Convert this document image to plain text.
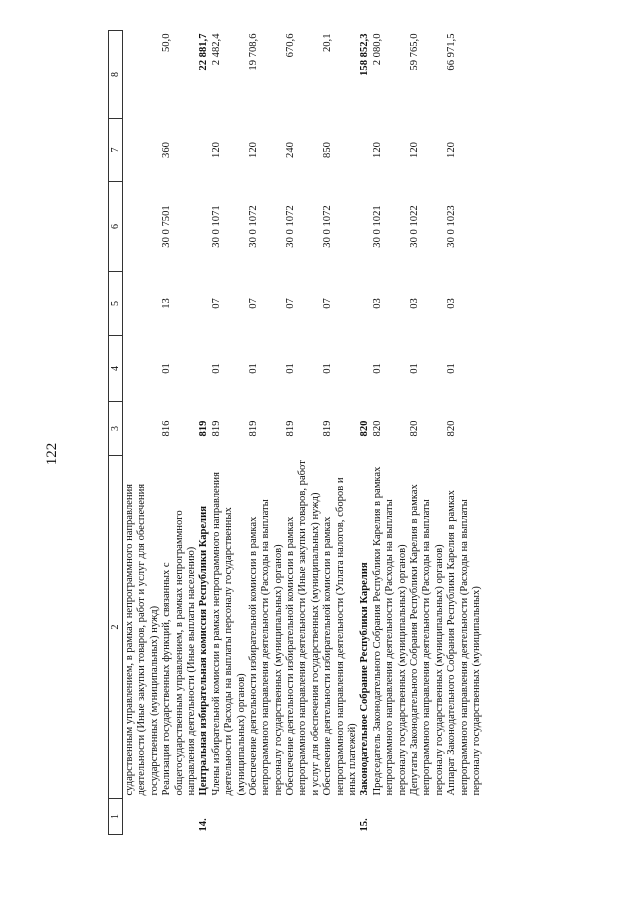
122
1	2	3	4	5	6	7	8
	сударственным управлением, в рамках непрограммного направления деятельности (Иные закупки товаров, работ и услуг для обеспечения государственных (муниципальных) нужд)						
	Реализация государственных функций, связанных с общегосударственным управлением, в рамках непрограммного направления деятельности (Иные выплаты населению)	816	01	13	30 0 7501	360	50,0
14.	Центральная избирательная комиссия Республики Карелия	819					22 881,7
	Члены избирательной комиссии в рамках непрограммного направления деятельности (Расходы на выплаты персоналу государственных (муниципальных) органов)	819	01	07	30 0 1071	120	2 482,4
	Обеспечение деятельности избирательной комиссии в рамках непрограммного направления деятельности (Расходы на выплаты персоналу государственных (муниципальных) органов)	819	01	07	30 0 1072	120	19 708,6
	Обеспечение деятельности избирательной комиссии в рамках непрограммного направления деятельности (Иные закупки товаров, работ и услуг для обеспечения государственных (муниципальных) нужд)	819	01	07	30 0 1072	240	670,6
	Обеспечение деятельности избирательной комиссии в рамках непрограммного направления деятельности (Уплата налогов, сборов и иных платежей)	819	01	07	30 0 1072	850	20,1
15.	Законодательное Собрание Республики Карелия	820					158 852,3
	Председатель Законодательного Собрания Республики Карелия в рамках непрограммного направления деятельности (Расходы на выплаты персоналу государственных (муниципальных) органов)	820	01	03	30 0 1021	120	2 080,0
	Депутаты Законодательного Собрания Республики Карелия в рамках непрограммного направления деятельности (Расходы на выплаты персоналу государственных (муниципальных) органов)	820	01	03	30 0 1022	120	59 765,0
	Аппарат Законодательного Собрания Республики Карелия в рамках непрограммного направления деятельности (Расходы на выплаты персоналу государственных (муниципальных)	820	01	03	30 0 1023	120	66 971,5
